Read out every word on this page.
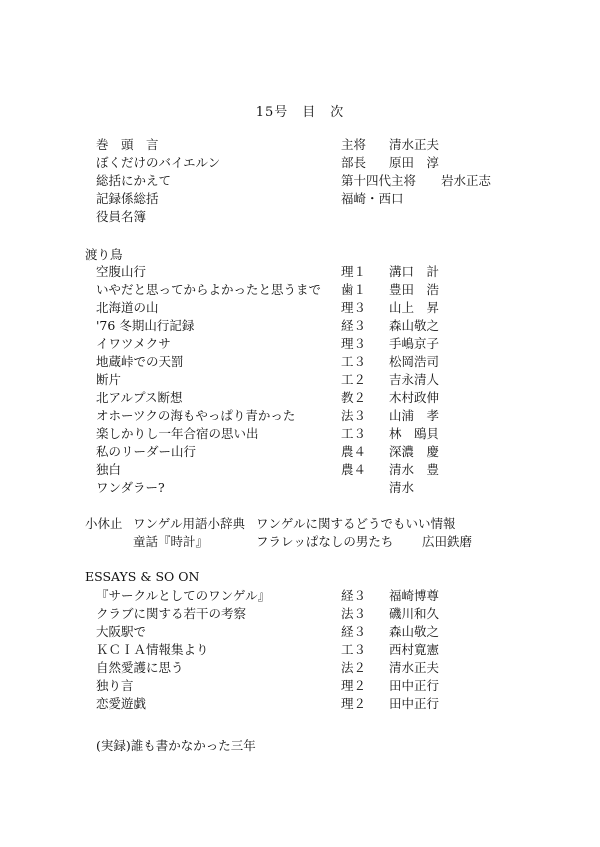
15号　目　次
巻　頭　言	主将 清水正夫
ぼくだけのバイエルン	部長 原田　淳
総括にかえて	第十四代主将 岩水正志
記録係総括	福崎・西口
役員名簿
渡り鳥
空腹山行	理１ 溝口　計
いやだと思ってからよかったと思うまで 歯１ 豊田　浩
北海道の山	理３ 山上　昇
'76 冬期山行記録	経３ 森山敬之
イワツメクサ	理３ 手嶋京子
地蔵峠での天罰	工３ 松岡浩司
断片	工２ 吉永清人
北アルプス断想	教２ 木村政伸
オホーツクの海もやっぱり青かった	法３ 山浦　孝
楽しかりし一年合宿の思い出	工３ 林　鴎貝
私のリーダー山行	農４ 深濃　慶
独白	農４ 清水　豊
ワンダラー?	清水
小休止 ワンゲル用語小辞典 ワンゲルに関するどうでもいい情報
童話『時計』	フラレッぱなしの男たち 広田鉄磨
ESSAYS & SO ON
『サークルとしてのワンゲル』	経３ 福崎博尊
クラブに関する若干の考察	法３ 磯川和久
大阪駅で	経３ 森山敬之
ＫＣＩＡ情報集より	工３ 西村寛憲
自然愛護に思う	法２ 清水正夫
独り言	理２ 田中正行
恋愛遊戯	理２ 田中正行
(実録)誰も書かなかった三年
